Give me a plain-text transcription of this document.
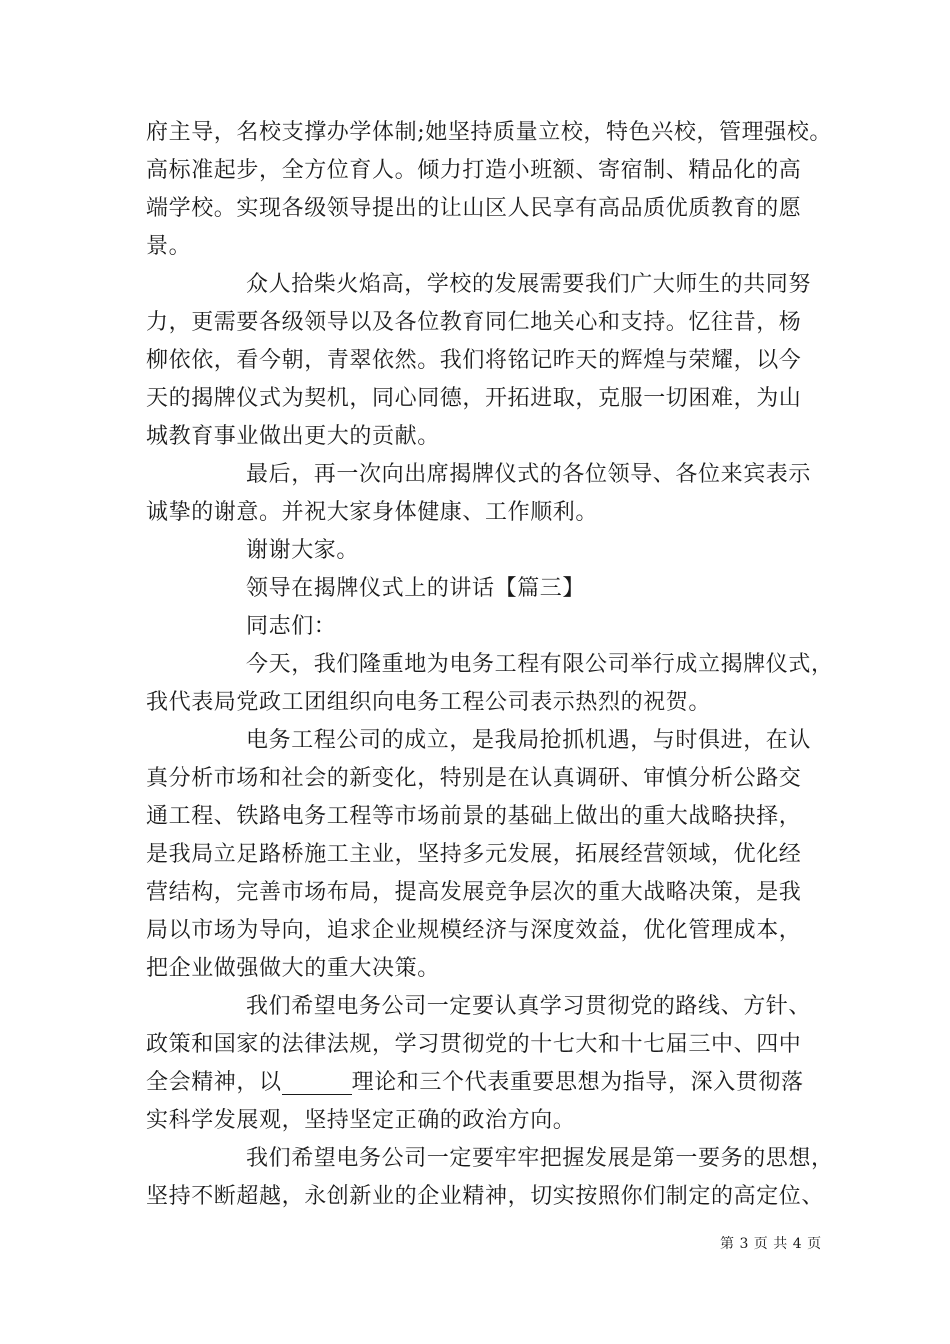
府主导，名校支撑办学体制;她坚持质量立校，特色兴校，管理强校。
高标准起步，全方位育人。倾力打造小班额、寄宿制、精品化的高
端学校。实现各级领导提出的让山区人民享有高品质优质教育的愿
景。
众人拾柴火焰高，学校的发展需要我们广大师生的共同努
力，更需要各级领导以及各位教育同仁地关心和支持。忆往昔，杨
柳依依，看今朝，青翠依然。我们将铭记昨天的辉煌与荣耀，以今
天的揭牌仪式为契机，同心同德，开拓进取，克服一切困难，为山
城教育事业做出更大的贡献。
最后，再一次向出席揭牌仪式的各位领导、各位来宾表示
诚挚的谢意。并祝大家身体健康、工作顺利。
谢谢大家。
领导在揭牌仪式上的讲话【篇三】
同志们：
今天，我们隆重地为电务工程有限公司举行成立揭牌仪式，
我代表局党政工团组织向电务工程公司表示热烈的祝贺。
电务工程公司的成立，是我局抢抓机遇，与时俱进，在认
真分析市场和社会的新变化，特别是在认真调研、审慎分析公路交
通工程、铁路电务工程等市场前景的基础上做出的重大战略抉择，
是我局立足路桥施工主业，坚持多元发展，拓展经营领域，优化经
营结构，完善市场布局，提高发展竞争层次的重大战略决策，是我
局以市场为导向，追求企业规模经济与深度效益，优化管理成本，
把企业做强做大的重大决策。
我们希望电务公司一定要认真学习贯彻党的路线、方针、
政策和国家的法律法规，学习贯彻党的十七大和十七届三中、四中
全会精神，以	理论和三个代表重要思想为指导，深入贯彻落
实科学发展观，坚持坚定正确的政治方向。
我们希望电务公司一定要牢牢把握发展是第一要务的思想，
坚持不断超越，永创新业的企业精神，切实按照你们制定的高定位、
第 3 页 共 4 页
